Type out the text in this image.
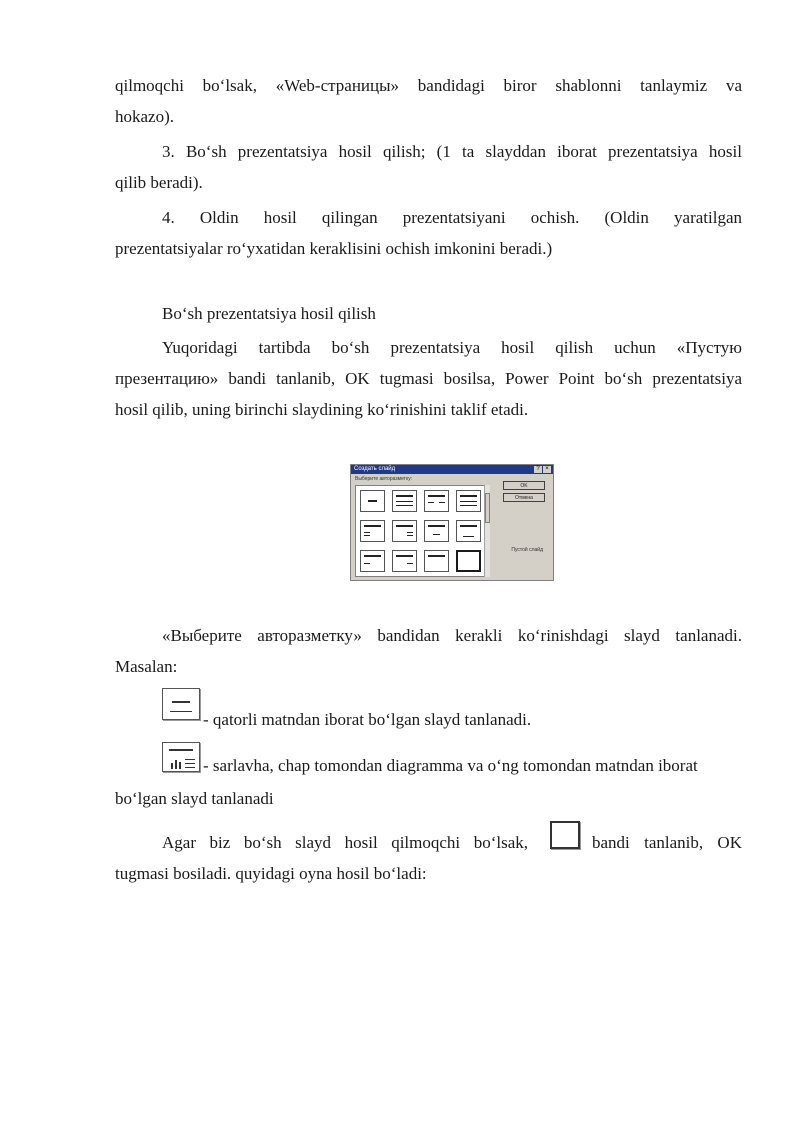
qilmoqchi bo‘lsak, «Web-страницы» bandidagi biror shablonni tanlaymiz va
hokazo).
3. Bo‘sh prezentatsiya hosil qilish; (1 ta slayddan iborat prezentatsiya hosil
qilib beradi).
4. Oldin hosil qilingan prezentatsiyani ochish. (Oldin yaratilgan
prezentatsiyalar ro‘yxatidan keraklisini ochish imkonini beradi.)

Bo‘sh prezentatsiya hosil qilish

Yuqoridagi tartibda bo‘sh prezentatsiya hosil qilish uchun «Пустую
презентацию» bandi tanlanib, OK tugmasi bosilsa, Power Point bo‘sh prezentatsiya
hosil qilib, uning birinchi slaydining ko‘rinishini taklif etadi.
Создать слайд	? ×
Выберите авторазметку:
OK
Отмена
Пустой слайд
«Выберите авторазметку» bandidan kerakli ko‘rinishdagi slayd tanlanadi.
Masalan:

- qatorli matndan iborat bo‘lgan slayd tanlanadi.

- sarlavha, chap tomondan diagramma va o‘ng tomondan matndan iborat

bo‘lgan slayd tanlanadi

Agar biz bo‘sh slayd hosil qilmoqchi bo‘lsak,	bandi tanlanib, OK

tugmasi bosiladi. quyidagi oyna hosil bo‘ladi:
